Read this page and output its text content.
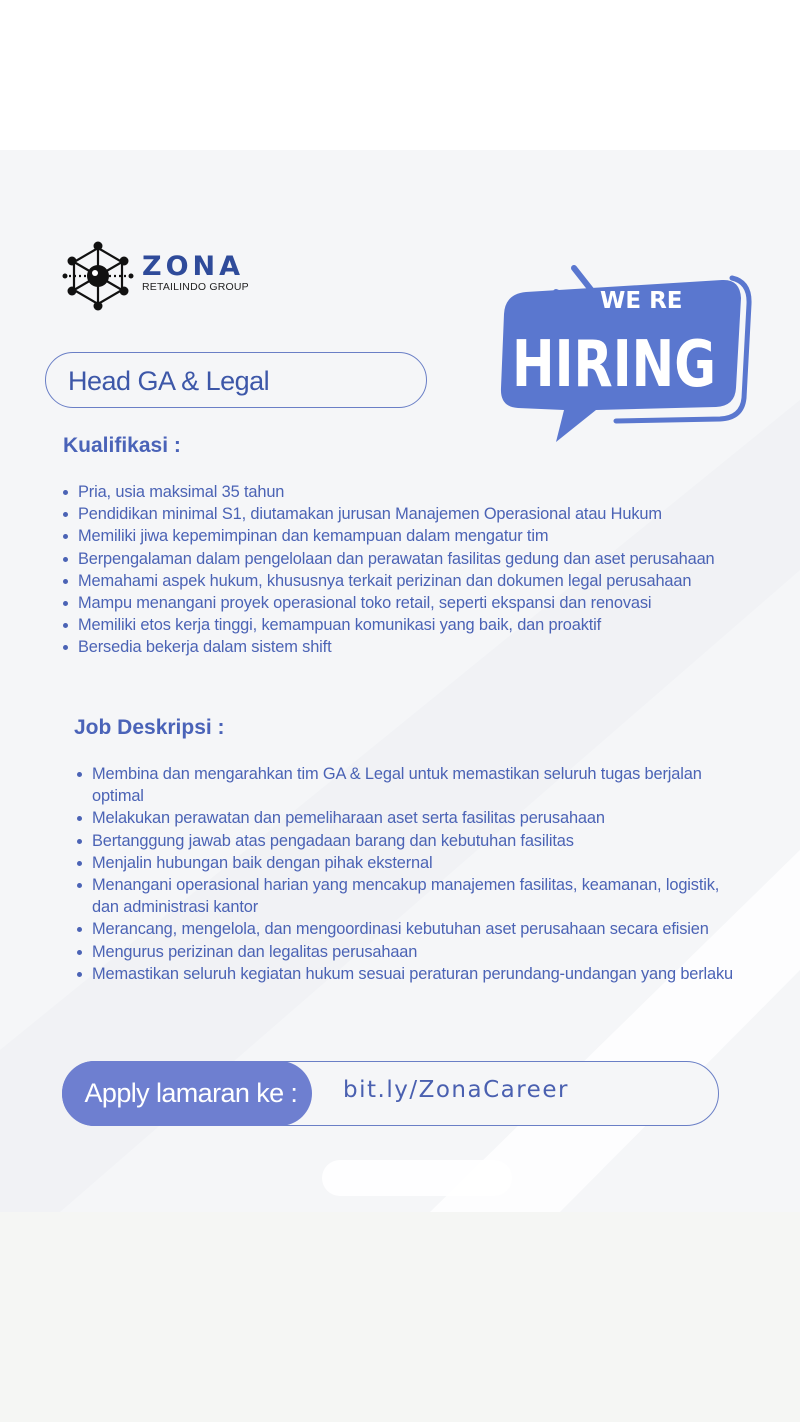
ZONA
RETAILINDO GROUP
WE RE
HIRING
Head GA & Legal
Kualifikasi :
Pria, usia maksimal 35 tahun
Pendidikan minimal S1, diutamakan jurusan Manajemen Operasional atau Hukum
Memiliki jiwa kepemimpinan dan kemampuan dalam mengatur tim
Berpengalaman dalam pengelolaan dan perawatan fasilitas gedung dan aset perusahaan
Memahami aspek hukum, khususnya terkait perizinan dan dokumen legal perusahaan
Mampu menangani proyek operasional toko retail, seperti ekspansi dan renovasi
Memiliki etos kerja tinggi, kemampuan komunikasi yang baik, dan proaktif
Bersedia bekerja dalam sistem shift
Job Deskripsi :
Membina dan mengarahkan tim GA & Legal untuk memastikan seluruh tugas berjalan optimal
Melakukan perawatan dan pemeliharaan aset serta fasilitas perusahaan
Bertanggung jawab atas pengadaan barang dan kebutuhan fasilitas
Menjalin hubungan baik dengan pihak eksternal
Menangani operasional harian yang mencakup manajemen fasilitas, keamanan, logistik, dan administrasi kantor
Merancang, mengelola, dan mengoordinasi kebutuhan aset perusahaan secara efisien
Mengurus perizinan dan legalitas perusahaan
Memastikan seluruh kegiatan hukum sesuai peraturan perundang-undangan yang berlaku
Apply lamaran ke :	bit.ly/ZonaCareer
